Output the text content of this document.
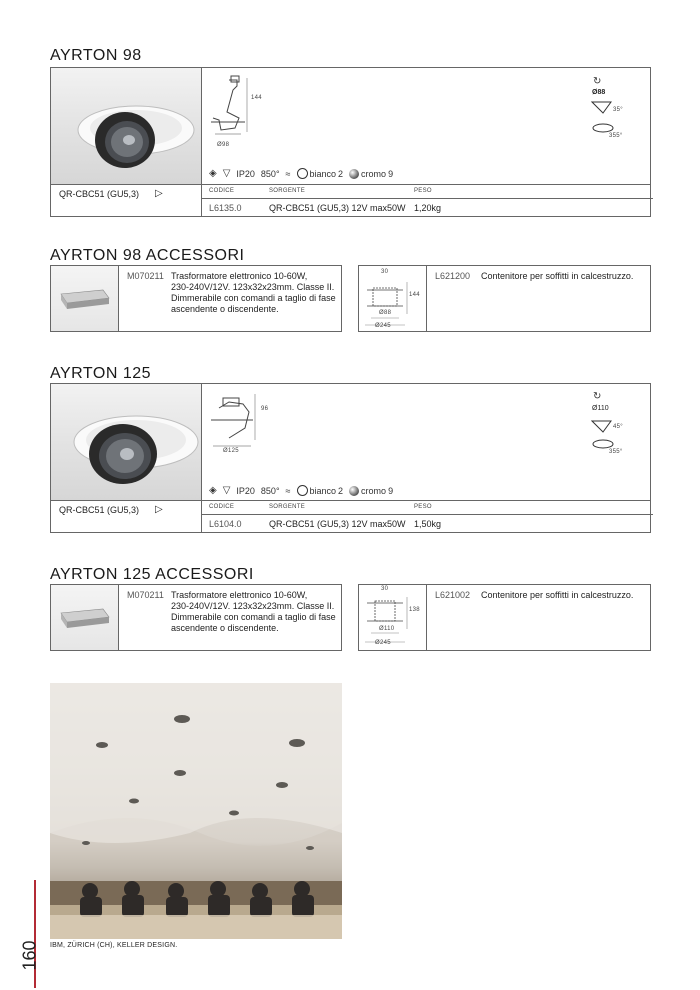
AYRTON 98
144
Ø98
↻
Ø88
35°
355°
◈ ▽ IP20 850° ≈ bianco 2 cromo 9
QR-CBC51 (GU5,3) ▷	CODICE	SORGENTE	PESO
L6135.0	QR-CBC51 (GU5,3) 12V max50W 1,20kg
AYRTON 98 ACCESSORI
M070211 Trasformatore elettronico 10-60W,
230-240V/12V. 123x32x23mm. Classe II.
Dimmerabile con comandi a taglio di fase
ascendente o discendente.
30
144
Ø88
Ø245
L621200 Contenitore per soffitti in calcestruzzo.
AYRTON 125
96
Ø125
↻
Ø110
45°
355°
◈ ▽ IP20 850° ≈ bianco 2 cromo 9
QR-CBC51 (GU5,3) ▷	CODICE	SORGENTE	PESO
L6104.0	QR-CBC51 (GU5,3) 12V max50W 1,50kg
AYRTON 125 ACCESSORI
M070211 Trasformatore elettronico 10-60W,
230-240V/12V. 123x32x23mm. Classe II.
Dimmerabile con comandi a taglio di fase
ascendente o discendente.
30
138
Ø110
Ø245
L621002 Contenitore per soffitti in calcestruzzo.
IBM, ZÜRICH (CH), KELLER DESIGN.
160
